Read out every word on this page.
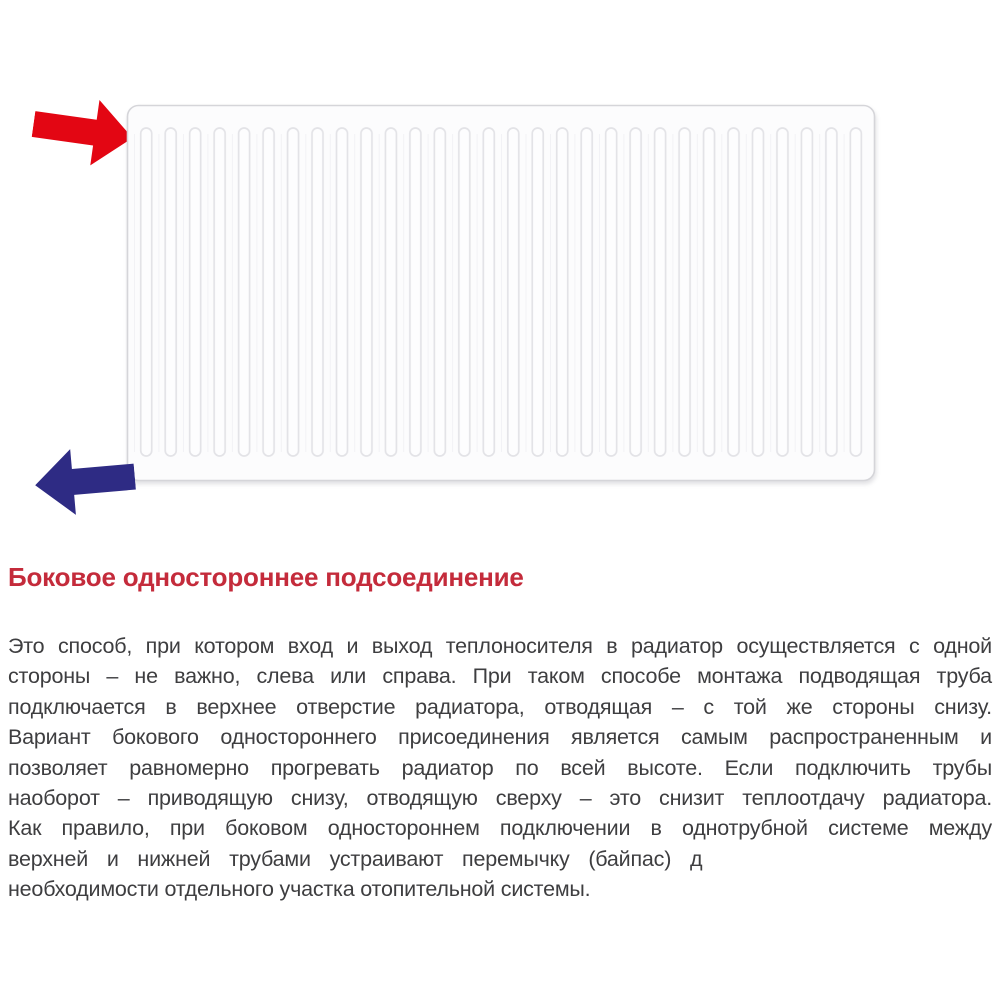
Боковое одностороннее подсоединение
Это способ, при котором вход и выход теплоносителя в радиатор осуществляется с одной
стороны – не важно, слева или справа. При таком способе монтажа подводящая труба
подключается в верхнее отверстие радиатора, отводящая – с той же стороны снизу.
Вариант бокового одностороннего присоединения является самым распространенным и
позволяет равномерно прогревать радиатор по всей высоте. Если подключить трубы
наоборот – приводящую снизу, отводящую сверху – это снизит теплоотдачу радиатора.
Как правило, при боковом одностороннем подключении в однотрубной системе между
верхней и нижней трубами устраивают перемычку (байпас) д
необходимости отдельного участка отопительной системы.
